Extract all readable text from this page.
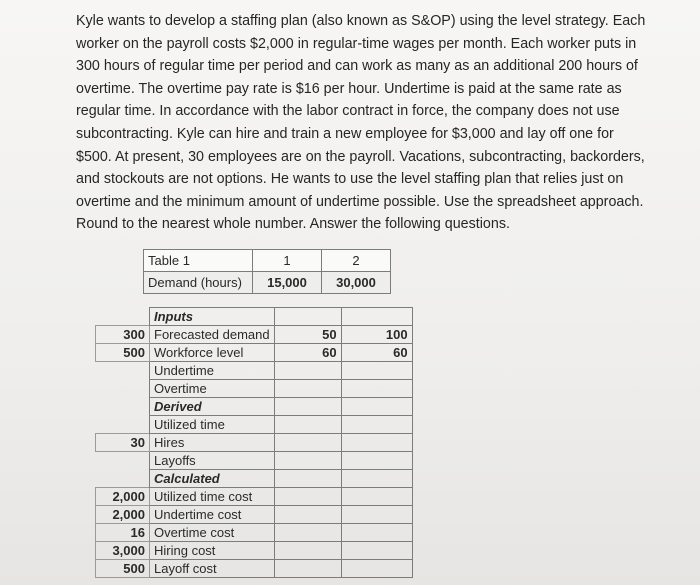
Kyle wants to develop a staffing plan (also known as S&OP) using the level strategy. Each

worker on the payroll costs $2,000 in regular-time wages per month. Each worker puts in

300 hours of regular time per period and can work as many as an additional 200 hours of

overtime. The overtime pay rate is $16 per hour. Undertime is paid at the same rate as

regular time. In accordance with the labor contract in force, the company does not use

subcontracting. Kyle can hire and train a new employee for $3,000 and lay off one for

$500. At present, 30 employees are on the payroll. Vacations, subcontracting, backorders,

and stockouts are not options. He wants to use the level staffing plan that relies just on

overtime and the minimum amount of undertime possible. Use the spreadsheet approach.

Round to the nearest whole number. Answer the following questions.

Table 1	1	2
Demand (hours)	15,000	30,000
	Inputs		
300	Forecasted demand	50	100
500	Workforce level	60	60
	Undertime		
	Overtime		
	Derived		
	Utilized time		
30	Hires		
	Layoffs		
	Calculated		
2,000	Utilized time cost		
2,000	Undertime cost		
16	Overtime cost		
3,000	Hiring cost		
500	Layoff cost		
